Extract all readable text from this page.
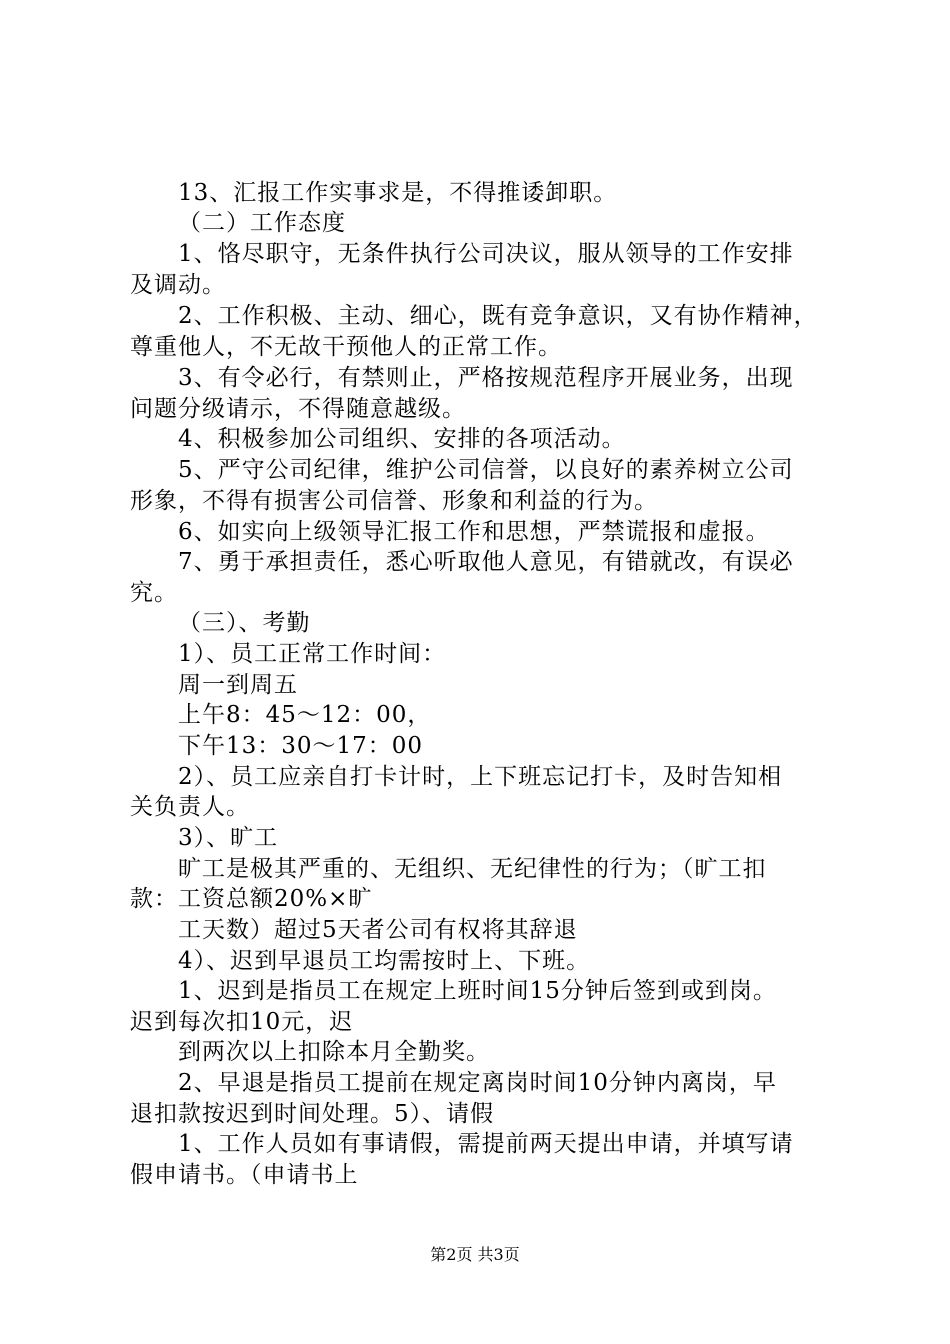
13、汇报工作实事求是，不得推诿卸职。
（二）工作态度
1、恪尽职守，无条件执行公司决议，服从领导的工作安排
及调动。
2、工作积极、主动、细心，既有竞争意识，又有协作精神，
尊重他人，不无故干预他人的正常工作。
3、有令必行，有禁则止，严格按规范程序开展业务，出现
问题分级请示，不得随意越级。
4、积极参加公司组织、安排的各项活动。
5、严守公司纪律，维护公司信誉，以良好的素养树立公司
形象，不得有损害公司信誉、形象和利益的行为。
6、如实向上级领导汇报工作和思想，严禁谎报和虚报。
7、勇于承担责任，悉心听取他人意见，有错就改，有误必
究。
（三）、考勤
1）、员工正常工作时间：
周一到周五
上午8：45～12：00，
下午13：30～17：00
2）、员工应亲自打卡计时，上下班忘记打卡，及时告知相
关负责人。
3）、旷工
旷工是极其严重的、无组织、无纪律性的行为；（旷工扣
款：工资总额20%×旷
工天数）超过5天者公司有权将其辞退
4）、迟到早退员工均需按时上、下班。
1、迟到是指员工在规定上班时间15分钟后签到或到岗。
迟到每次扣10元，迟
到两次以上扣除本月全勤奖。
2、早退是指员工提前在规定离岗时间10分钟内离岗，早
退扣款按迟到时间处理。5）、请假
1、工作人员如有事请假，需提前两天提出申请，并填写请
假申请书。（申请书上
第2页 共3页
